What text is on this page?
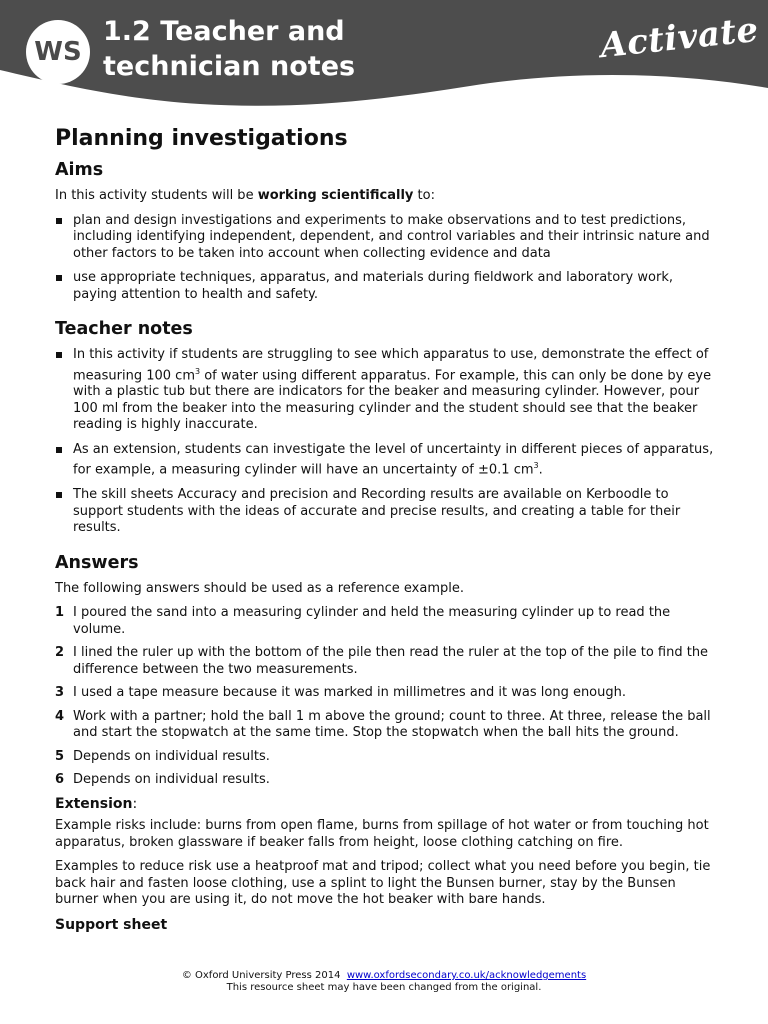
WS
1.2 Teacher and
technician notes
Activate
Planning investigations
Aims

In this activity students will be working scientifically to:

plan and design investigations and experiments to make observations and to test predictions, including identifying independent, dependent, and control variables and their intrinsic nature and other factors to be taken into account when collecting evidence and data
use appropriate techniques, apparatus, and materials during fieldwork and laboratory work, paying attention to health and safety.
Teacher notes
In this activity if students are struggling to see which apparatus to use, demonstrate the effect of measuring 100 $cm^3$ of water using different apparatus. For example, this can only be done by eye with a plastic tub but there are indicators for the beaker and measuring cylinder. However, pour 100 ml from the beaker into the measuring cylinder and the student should see that the beaker reading is highly inaccurate.
As an extension, students can investigate the level of uncertainty in different pieces of apparatus, for example, a measuring cylinder will have an uncertainty of ±0.1 $cm^3$.
The skill sheets Accuracy and precision and Recording results are available on Kerboodle to support students with the ideas of accurate and precise results, and creating a table for their results.
Answers

The following answers should be used as a reference example.

1 I poured the sand into a measuring cylinder and held the measuring cylinder up to read the volume.
2 I lined the ruler up with the bottom of the pile then read the ruler at the top of the pile to find the difference between the two measurements.
3 I used a tape measure because it was marked in millimetres and it was long enough.
4 Work with a partner; hold the ball 1 m above the ground; count to three. At three, release the ball and start the stopwatch at the same time. Stop the stopwatch when the ball hits the ground.
5 Depends on individual results.
6 Depends on individual results.
Extension:

Example risks include: burns from open flame, burns from spillage of hot water or from touching hot apparatus, broken glassware if beaker falls from height, loose clothing catching on fire.

Examples to reduce risk use a heatproof mat and tripod; collect what you need before you begin, tie back hair and fasten loose clothing, use a splint to light the Bunsen burner, stay by the Bunsen burner when you are using it, do not move the hot beaker with bare hands.

Support sheet
© Oxford University Press 2014 www.oxfordsecondary.co.uk/acknowledgements
This resource sheet may have been changed from the original.
